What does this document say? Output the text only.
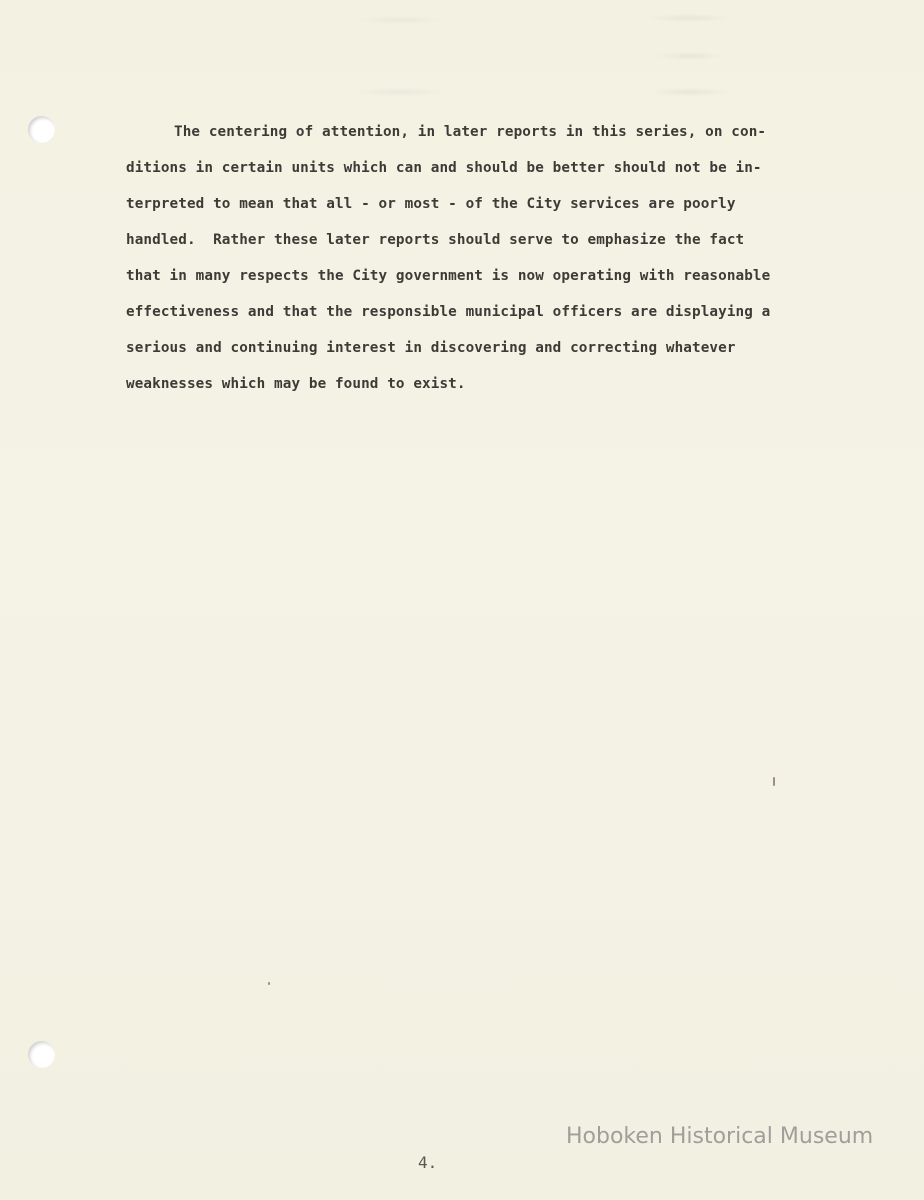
The centering of attention, in later reports in this series, on con-
ditions in certain units which can and should be better should not be in-
terpreted to mean that all - or most - of the City services are poorly
handled.  Rather these later reports should serve to emphasize the fact
that in many respects the City government is now operating with reasonable
effectiveness and that the responsible municipal officers are displaying a
serious and continuing interest in discovering and correcting whatever
weaknesses which may be found to exist.
Hoboken Historical Museum
4.
